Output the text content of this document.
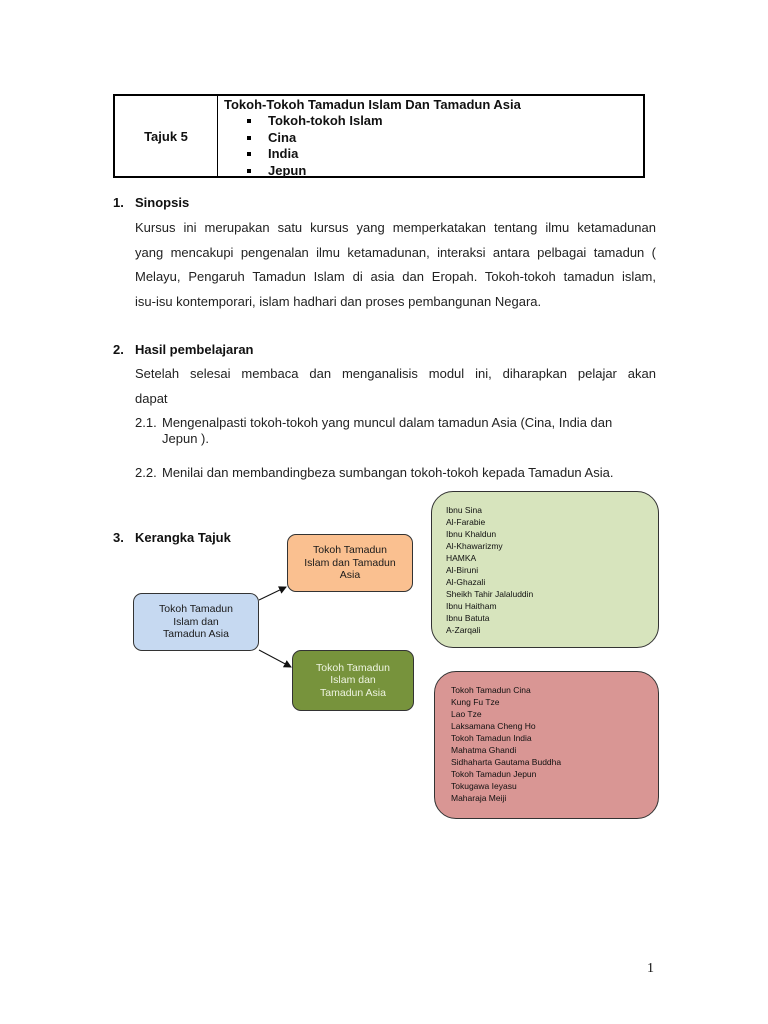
Tajuk 5
Tokoh-Tokoh Tamadun Islam Dan Tamadun Asia
Tokoh-tokoh Islam
Cina
India
Jepun
1. Sinopsis

Kursus ini merupakan satu kursus yang memperkatakan tentang ilmu ketamadunan

yang mencakupi pengenalan ilmu ketamadunan, interaksi antara pelbagai tamadun (

Melayu, Pengaruh Tamadun Islam di asia dan Eropah. Tokoh-tokoh tamadun islam,

isu-isu kontemporari, islam hadhari dan proses pembangunan Negara.

2. Hasil pembelajaran

Setelah selesai membaca dan menganalisis modul ini, diharapkan pelajar akan

dapat

2.1. Mengenalpasti tokoh-tokoh yang muncul dalam tamadun Asia (Cina, India dan
Jepun ).
2.2. Menilai dan membandingbeza sumbangan tokoh-tokoh kepada Tamadun Asia.
3. Kerangka Tajuk
Tokoh Tamadun Islam dan Tamadun Asia
Tokoh Tamadun Islam dan Tamadun Asia
Tokoh Tamadun Islam dan Tamadun Asia
Ibnu Sina
Al-Farabie
Ibnu Khaldun
Al-Khawarizmy
HAMKA
Al-Biruni
Al-Ghazali
Sheikh Tahir Jalaluddin
Ibnu Haitham
Ibnu Batuta
A-Zarqali
Tokoh Tamadun Cina
Kung Fu Tze
Lao Tze
Laksamana Cheng Ho
Tokoh Tamadun India
Mahatma Ghandi
Sidhaharta Gautama Buddha
Tokoh Tamadun Jepun
Tokugawa Ieyasu
Maharaja Meiji
1
